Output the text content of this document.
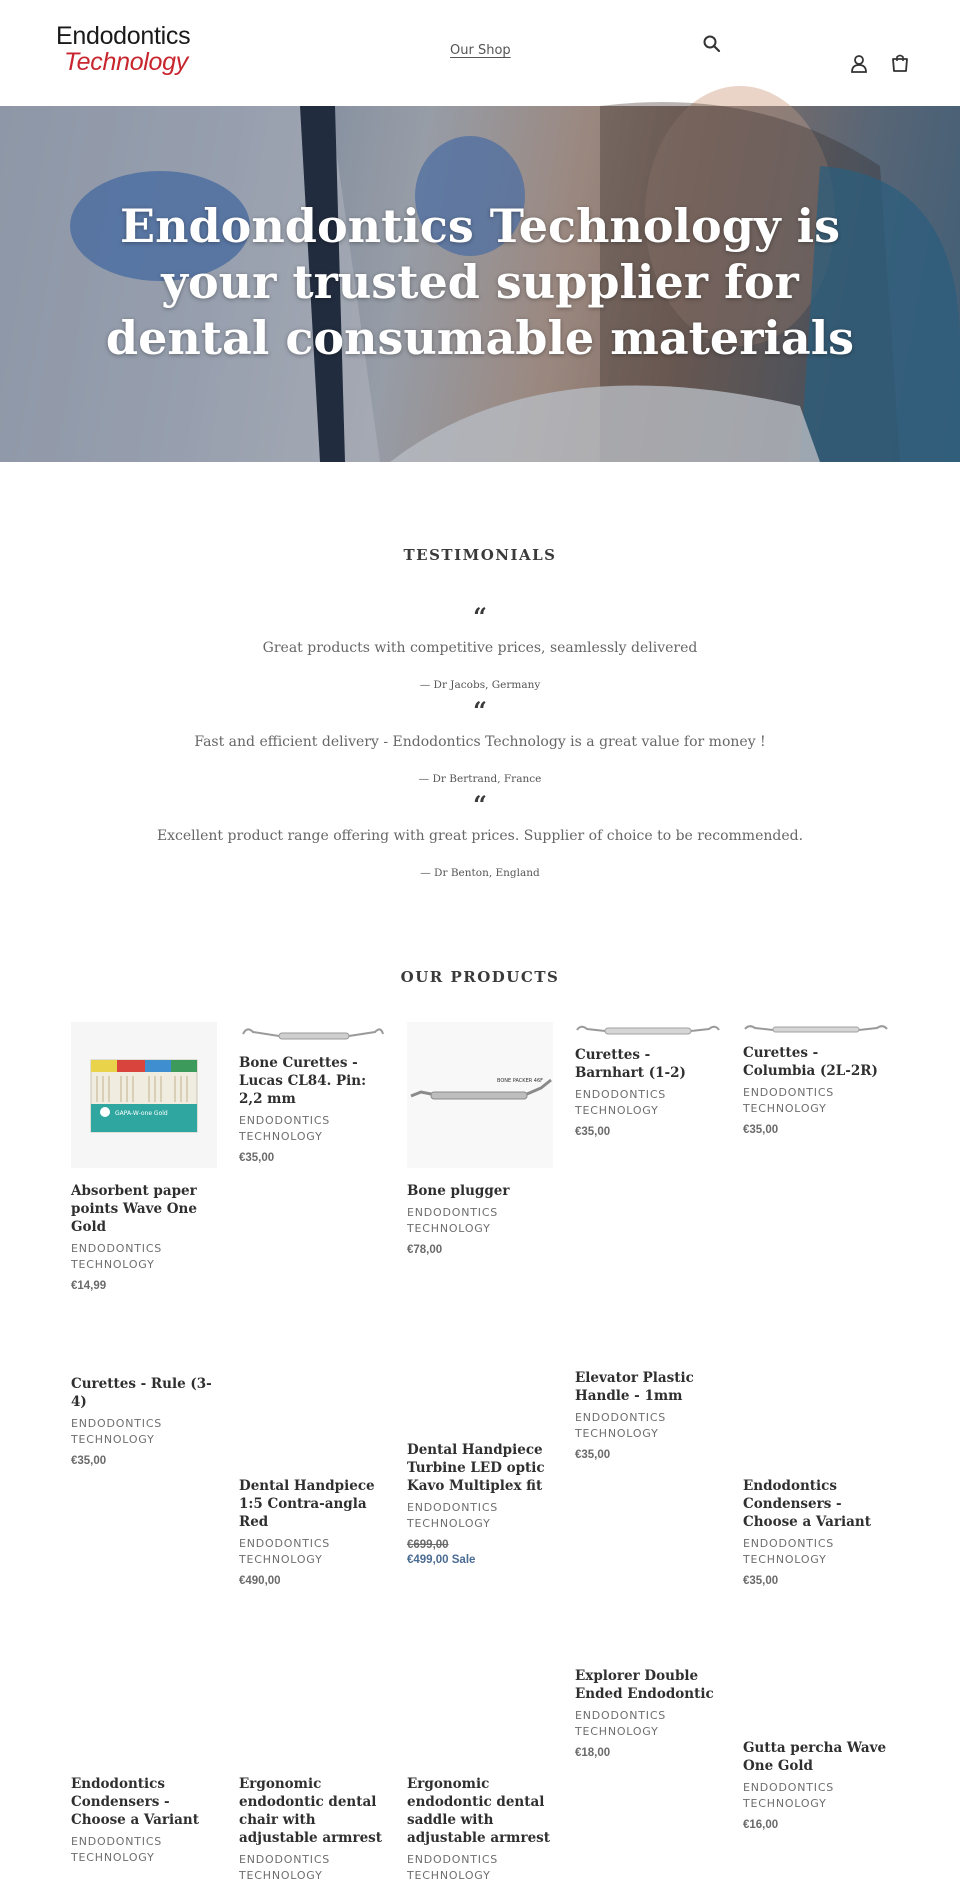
Endodontics
Technology	Our Shop
Endondontics Technology is your trusted supplier for dental consumable materials
TESTIMONIALS
“
Great products with competitive prices, seamlessly delivered
— Dr Jacobs, Germany
“
Fast and efficient delivery - Endodontics Technology is a great value for money !
— Dr Bertrand, France
“
Excellent product range offering with great prices. Supplier of choice to be recommended.
— Dr Benton, England
OUR PRODUCTS
GAPA-W-one Gold
Absorbent paper points Wave One Gold
ENDODONTICS TECHNOLOGY
€14,99
Bone Curettes - Lucas CL84. Pin: 2,2 mm
ENDODONTICS TECHNOLOGY
€35,00
BONE PACKER 46F
Bone plugger
ENDODONTICS TECHNOLOGY
€78,00
Curettes - Barnhart (1-2)
ENDODONTICS TECHNOLOGY
€35,00
Curettes - Columbia (2L-2R)
ENDODONTICS TECHNOLOGY
€35,00
Curettes - Rule (3-4)
ENDODONTICS TECHNOLOGY
€35,00
Dental Handpiece 1:5 Contra-angla Red
ENDODONTICS TECHNOLOGY
€490,00
Dental Handpiece Turbine LED optic Kavo Multiplex fit
ENDODONTICS TECHNOLOGY
€699,00
€499,00 Sale
Elevator Plastic Handle - 1mm
ENDODONTICS TECHNOLOGY
€35,00
Endodontics Condensers - Choose a Variant
ENDODONTICS TECHNOLOGY
€35,00
Endodontics Condensers - Choose a Variant
ENDODONTICS TECHNOLOGY
Ergonomic endodontic dental chair with adjustable armrest
ENDODONTICS TECHNOLOGY
Ergonomic endodontic dental saddle with adjustable armrest
ENDODONTICS TECHNOLOGY
Explorer Double Ended Endodontic
ENDODONTICS TECHNOLOGY
€18,00	Gutta percha Wave One Gold
ENDODONTICS TECHNOLOGY
€16,00
